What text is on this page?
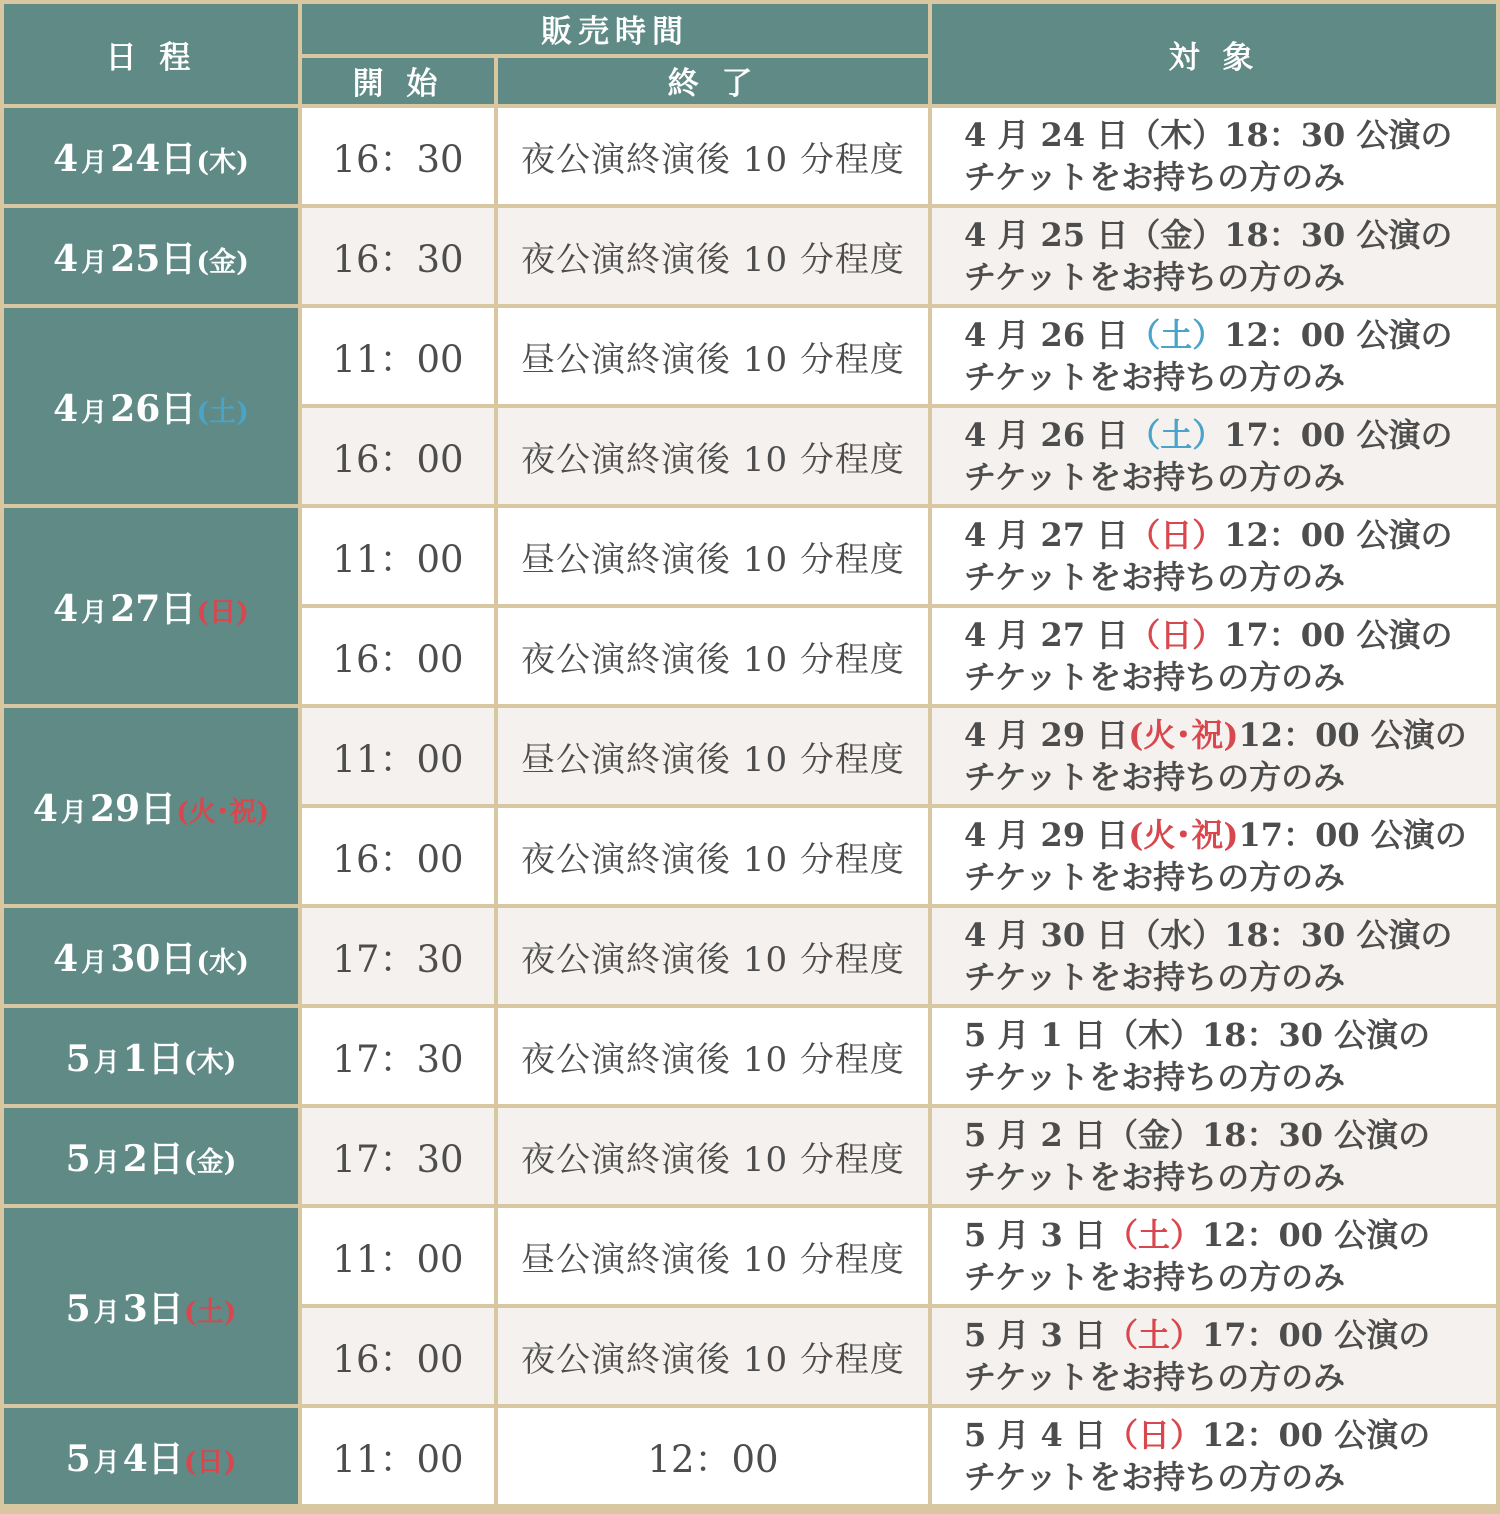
日 程	販売時間		対 象
	開 始	終 了	
4 月24日(木)	16：30	夜公演終演後 10 分程度	4 月 24 日（木）18：30 公演の
チケットをお持ちの方のみ

4 月25日(金)	16：30	夜公演終演後 10 分程度	4 月 25 日（金）18：30 公演の
チケットをお持ちの方のみ

4 月26日(土)	11：00	昼公演終演後 10 分程度	4 月 26 日（土）12：00 公演の
チケットをお持ちの方のみ

	16：00	夜公演終演後 10 分程度	4 月 26 日（土）17：00 公演の
チケットをお持ちの方のみ

4 月27日(日)	11：00	昼公演終演後 10 分程度	4 月 27 日（日）12：00 公演の
チケットをお持ちの方のみ

	16：00	夜公演終演後 10 分程度	4 月 27 日（日）17：00 公演の
チケットをお持ちの方のみ

4 月29日(火･祝)	11：00	昼公演終演後 10 分程度	4 月 29 日(火･祝)12：00 公演の
チケットをお持ちの方のみ

	16：00	夜公演終演後 10 分程度	4 月 29 日(火･祝)17：00 公演の
チケットをお持ちの方のみ

4 月30日(水)	17：30	夜公演終演後 10 分程度	4 月 30 日（水）18：30 公演の
チケットをお持ちの方のみ

5 月1日(木)	17：30	夜公演終演後 10 分程度	5 月 1 日（木）18：30 公演の
チケットをお持ちの方のみ

5 月2日(金)	17：30	夜公演終演後 10 分程度	5 月 2 日（金）18：30 公演の
チケットをお持ちの方のみ

5 月3日(土)	11：00	昼公演終演後 10 分程度	5 月 3 日（土）12：00 公演の
チケットをお持ちの方のみ

	16：00	夜公演終演後 10 分程度	5 月 3 日（土）17：00 公演の
チケットをお持ちの方のみ

5 月4日(日)	11：00	12：00	5 月 4 日（日）12：00 公演の
チケットをお持ちの方のみ
